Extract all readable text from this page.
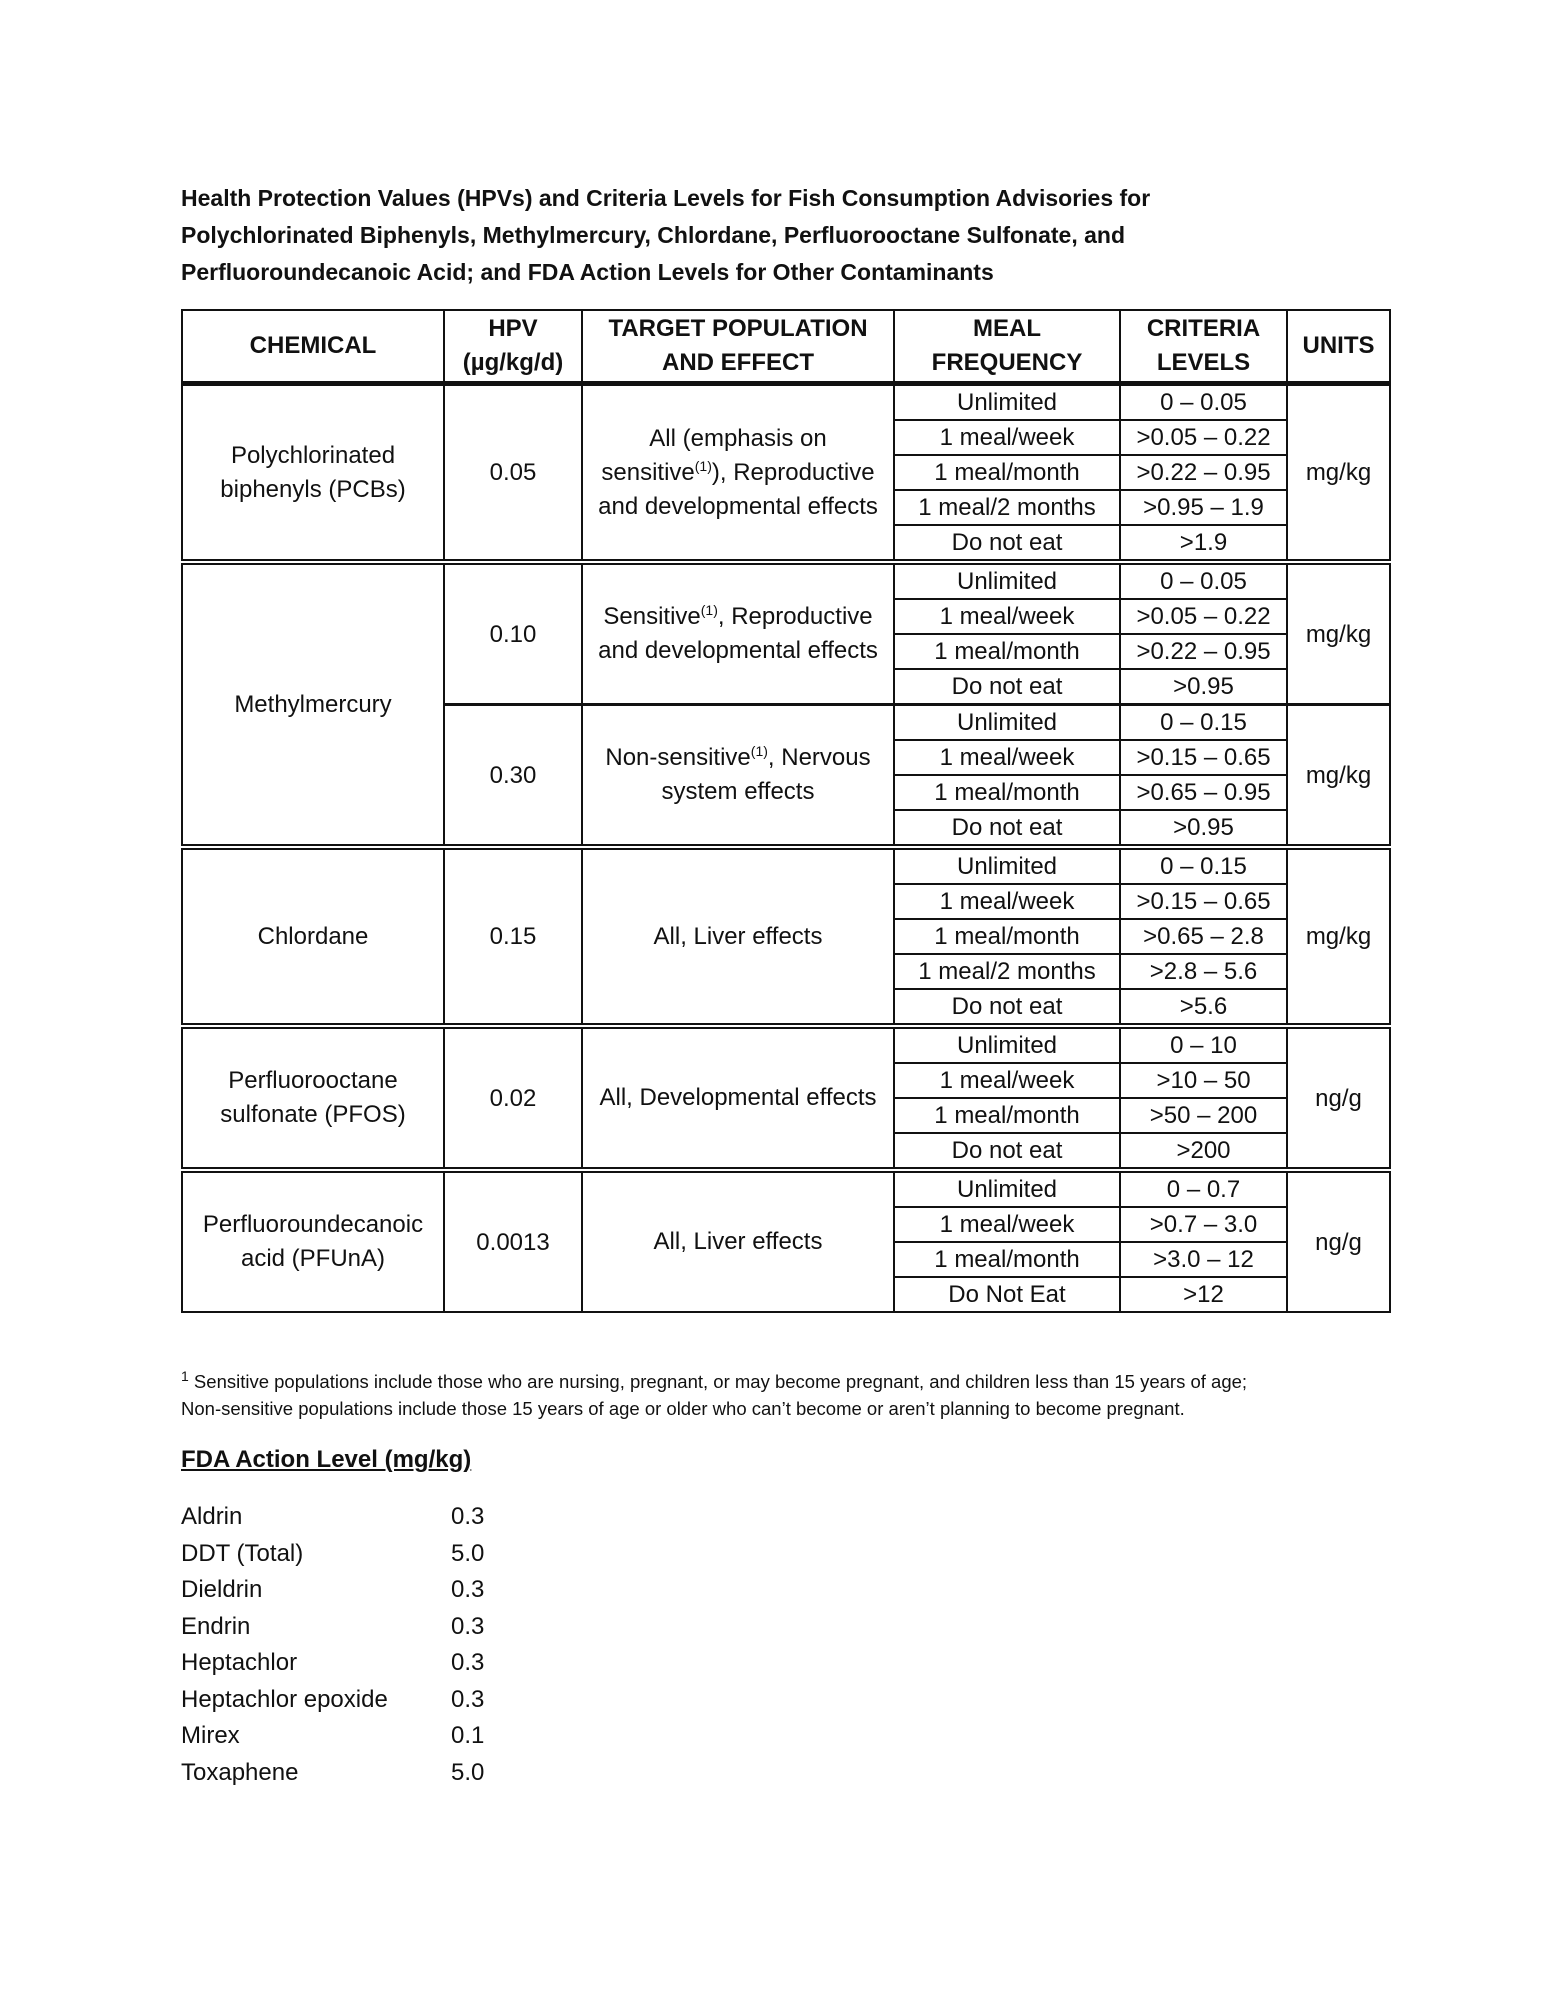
Health Protection Values (HPVs) and Criteria Levels for Fish Consumption Advisories for
Polychlorinated Biphenyls, Methylmercury, Chlordane, Perfluorooctane Sulfonate, and
Perfluoroundecanoic Acid; and FDA Action Levels for Other Contaminants
CHEMICAL	HPV (µg/kg/d)	TARGET POPULATION AND EFFECT	MEAL FREQUENCY	CRITERIA LEVELS	UNITS
Polychlorinated biphenyls (PCBs)	0.05	All (emphasis on sensitive$^{(1)}$), Reproductive and developmental effects	Unlimited	0 – 0.05	mg/kg
			1 meal/week	>0.05 – 0.22	
			1 meal/month	>0.22 – 0.95	
			1 meal/2 months	>0.95 – 1.9	
			Do not eat	>1.9	
Methylmercury	0.10	Sensitive$^{(1)}$, Reproductive and developmental effects	Unlimited	0 – 0.05	mg/kg
			1 meal/week	>0.05 – 0.22	
			1 meal/month	>0.22 – 0.95	
			Do not eat	>0.95	
	0.30	Non-sensitive$^{(1)}$, Nervous system effects	Unlimited	0 – 0.15	mg/kg
			1 meal/week	>0.15 – 0.65	
			1 meal/month	>0.65 – 0.95	
			Do not eat	>0.95	
Chlordane	0.15	All, Liver effects	Unlimited	0 – 0.15	mg/kg
			1 meal/week	>0.15 – 0.65	
			1 meal/month	>0.65 – 2.8	
			1 meal/2 months	>2.8 – 5.6	
			Do not eat	>5.6	
Perfluorooctane sulfonate (PFOS)	0.02	All, Developmental effects	Unlimited	0 – 10	ng/g
			1 meal/week	>10 – 50	
			1 meal/month	>50 – 200	
			Do not eat	>200	
Perfluoroundecanoic acid (PFUnA)	0.0013	All, Liver effects	Unlimited	0 – 0.7	ng/g
			1 meal/week	>0.7 – 3.0	
			1 meal/month	>3.0 – 12	
			Do Not Eat	>12	
$^1$ Sensitive populations include those who are nursing, pregnant, or may become pregnant, and children less than 15 years of age;
Non-sensitive populations include those 15 years of age or older who can’t become or aren’t planning to become pregnant.
FDA Action Level (mg/kg)
Aldrin	0.3
DDT (Total)	5.0
Dieldrin	0.3
Endrin	0.3
Heptachlor	0.3
Heptachlor epoxide	0.3
Mirex	0.1
Toxaphene	5.0
